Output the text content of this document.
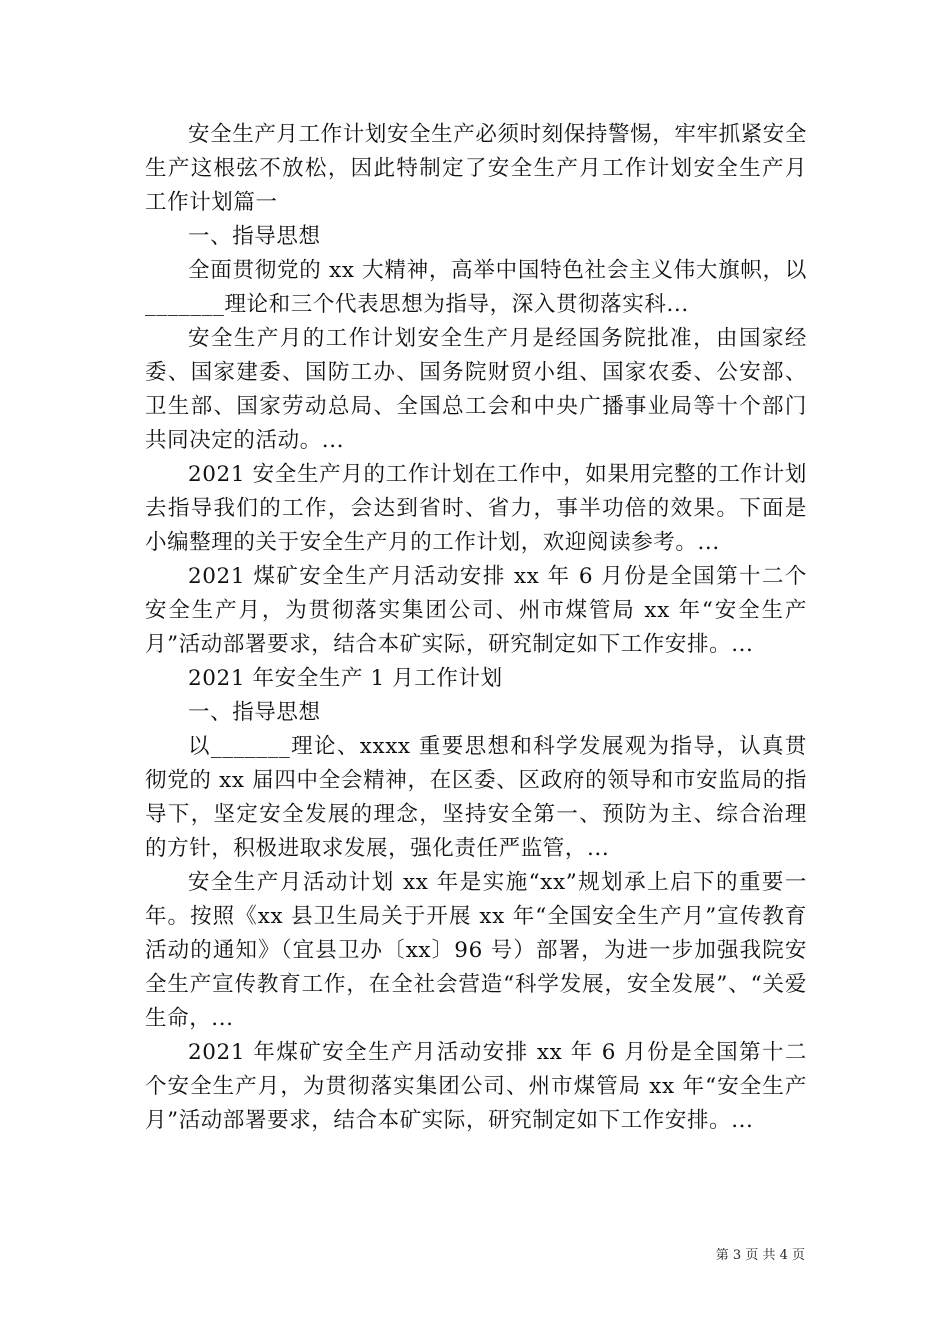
安全生产月工作计划安全生产必须时刻保持警惕，牢牢抓紧安全生产这根弦不放松，因此特制定了安全生产月工作计划安全生产月工作计划篇一

一、指导思想

全面贯彻党的 xx 大精神，高举中国特色社会主义伟大旗帜，以_______理论和三个代表思想为指导，深入贯彻落实科...

安全生产月的工作计划安全生产月是经国务院批准，由国家经委、国家建委、国防工办、国务院财贸小组、国家农委、公安部、卫生部、国家劳动总局、全国总工会和中央广播事业局等十个部门共同决定的活动。...

2021 安全生产月的工作计划在工作中，如果用完整的工作计划去指导我们的工作，会达到省时、省力，事半功倍的效果。下面是小编整理的关于安全生产月的工作计划，欢迎阅读参考。...

2021 煤矿安全生产月活动安排 xx 年 6 月份是全国第十二个安全生产月，为贯彻落实集团公司、州市煤管局 xx 年“安全生产月”活动部署要求，结合本矿实际，研究制定如下工作安排。...

2021 年安全生产 1 月工作计划

一、指导思想

以_______理论、xxxx 重要思想和科学发展观为指导，认真贯彻党的 xx 届四中全会精神，在区委、区政府的领导和市安监局的指导下，坚定安全发展的理念，坚持安全第一、预防为主、综合治理的方针，积极进取求发展，强化责任严监管，...

安全生产月活动计划 xx 年是实施“xx”规划承上启下的重要一年。按照《xx 县卫生局关于开展 xx 年“全国安全生产月”宣传教育活动的通知》（宜县卫办〔xx〕96 号）部署，为进一步加强我院安全生产宣传教育工作，在全社会营造“科学发展，安全发展”、“关爱生命，...

2021 年煤矿安全生产月活动安排 xx 年 6 月份是全国第十二个安全生产月，为贯彻落实集团公司、州市煤管局 xx 年“安全生产月”活动部署要求，结合本矿实际，研究制定如下工作安排。...

第 3 页 共 4 页
